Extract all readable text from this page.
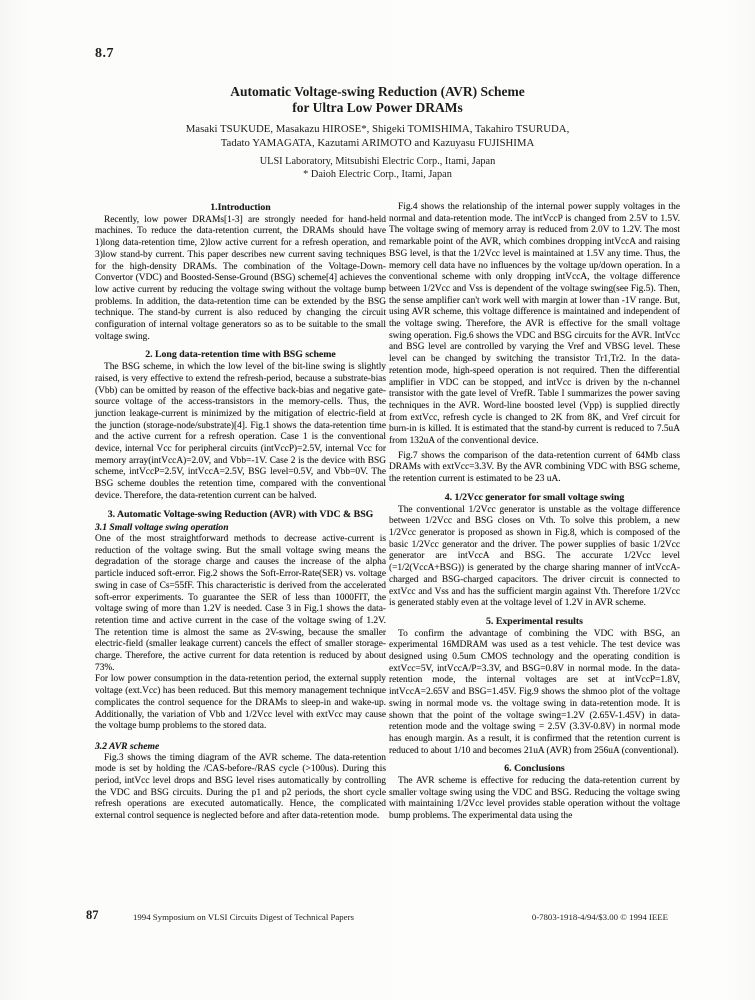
8.7
Automatic Voltage-swing Reduction (AVR) Scheme
for Ultra Low Power DRAMs
Masaki TSUKUDE, Masakazu HIROSE*, Shigeki TOMISHIMA, Takahiro TSURUDA,
Tadato YAMAGATA, Kazutami ARIMOTO and Kazuyasu FUJISHIMA
ULSI Laboratory, Mitsubishi Electric Corp., Itami, Japan
* Daioh Electric Corp., Itami, Japan
1.Introduction

Recently, low power DRAMs[1-3] are strongly needed for hand-held machines. To reduce the data-retention current, the DRAMs should have 1)long data-retention time, 2)low active current for a refresh operation, and 3)low stand-by current. This paper describes new current saving techniques for the high-density DRAMs. The combination of the Voltage-Down-Convertor (VDC) and Boosted-Sense-Ground (BSG) scheme[4] achieves the low active current by reducing the voltage swing without the voltage bump problems. In addition, the data-retention time can be extended by the BSG technique. The stand-by current is also reduced by changing the circuit configuration of internal voltage generators so as to be suitable to the small voltage swing.

2. Long data-retention time with BSG scheme

The BSG scheme, in which the low level of the bit-line swing is slightly raised, is very effective to extend the refresh-period, because a substrate-bias (Vbb) can be omitted by reason of the effective back-bias and negative gate-source voltage of the access-transistors in the memory-cells. Thus, the junction leakage-current is minimized by the mitigation of electric-field at the junction (storage-node/substrate)[4]. Fig.1 shows the data-retention time and the active current for a refresh operation. Case 1 is the conventional device, internal Vcc for peripheral circuits (intVccP)=2.5V, internal Vcc for memory array(intVccA)=2.0V, and Vbb=-1V. Case 2 is the device with BSG scheme, intVccP=2.5V, intVccA=2.5V, BSG level=0.5V, and Vbb=0V. The BSG scheme doubles the retention time, compared with the conventional device. Therefore, the data-retention current can be halved.

3. Automatic Voltage-swing Reduction (AVR) with VDC & BSG
3.1 Small voltage swing operation

One of the most straightforward methods to decrease active-current is reduction of the voltage swing. But the small voltage swing means the degradation of the storage charge and causes the increase of the alpha particle induced soft-error. Fig.2 shows the Soft-Error-Rate(SER) vs. voltage swing in case of Cs=55fF. This characteristic is derived from the accelerated soft-error experiments. To guarantee the SER of less than 1000FIT, the voltage swing of more than 1.2V is needed. Case 3 in Fig.1 shows the data-retention time and active current in the case of the voltage swing of 1.2V. The retention time is almost the same as 2V-swing, because the smaller electric-field (smaller leakage current) cancels the effect of smaller storage-charge. Therefore, the active current for data retention is reduced by about 73%.

For low power consumption in the data-retention period, the external supply voltage (ext.Vcc) has been reduced. But this memory management technique complicates the control sequence for the DRAMs to sleep-in and wake-up. Additionally, the variation of Vbb and 1/2Vcc level with extVcc may cause the voltage bump problems to the stored data.

3.2 AVR scheme

Fig.3 shows the timing diagram of the AVR scheme. The data-retention mode is set by holding the /CAS-before-/RAS cycle (>100us). During this period, intVcc level drops and BSG level rises automatically by controlling the VDC and BSG circuits. During the p1 and p2 periods, the short cycle refresh operations are executed automatically. Hence, the complicated external control sequence is neglected before and after data-retention mode.

Fig.4 shows the relationship of the internal power supply voltages in the normal and data-retention mode. The intVccP is changed from 2.5V to 1.5V. The voltage swing of memory array is reduced from 2.0V to 1.2V. The most remarkable point of the AVR, which combines dropping intVccA and raising BSG level, is that the 1/2Vcc level is maintained at 1.5V any time. Thus, the memory cell data have no influences by the voltage up/down operation. In a conventional scheme with only dropping intVccA, the voltage difference between 1/2Vcc and Vss is dependent of the voltage swing(see Fig.5). Then, the sense amplifier can't work well with margin at lower than -1V range. But, using AVR scheme, this voltage difference is maintained and independent of the voltage swing. Therefore, the AVR is effective for the small voltage swing operation. Fig.6 shows the VDC and BSG circuits for the AVR. IntVcc and BSG level are controlled by varying the Vref and VBSG level. These level can be changed by switching the transistor Tr1,Tr2. In the data-retention mode, high-speed operation is not required. Then the differential amplifier in VDC can be stopped, and intVcc is driven by the n-channel transistor with the gate level of VrefR. Table I summarizes the power saving techniques in the AVR. Word-line boosted level (Vpp) is supplied directly from extVcc, refresh cycle is changed to 2K from 8K, and Vref circuit for burn-in is killed. It is estimated that the stand-by current is reduced to 7.5uA from 132uA of the conventional device.

Fig.7 shows the comparison of the data-retention current of 64Mb class DRAMs with extVcc=3.3V. By the AVR combining VDC with BSG scheme, the retention current is estimated to be 23 uA.

4. 1/2Vcc generator for small voltage swing

The conventional 1/2Vcc generator is unstable as the voltage difference between 1/2Vcc and BSG closes on Vth. To solve this problem, a new 1/2Vcc generator is proposed as shown in Fig.8, which is composed of the basic 1/2Vcc generator and the driver. The power supplies of basic 1/2Vcc generator are intVccA and BSG. The accurate 1/2Vcc level (=1/2(VccA+BSG)) is generated by the charge sharing manner of intVccA-charged and BSG-charged capacitors. The driver circuit is connected to extVcc and Vss and has the sufficient margin against Vth. Therefore 1/2Vcc is generated stably even at the voltage level of 1.2V in AVR scheme.

5. Experimental results

To confirm the advantage of combining the VDC with BSG, an experimental 16MDRAM was used as a test vehicle. The test device was designed using 0.5um CMOS technology and the operating condition is extVcc=5V, intVccA/P=3.3V, and BSG=0.8V in normal mode. In the data-retention mode, the internal voltages are set at intVccP=1.8V, intVccA=2.65V and BSG=1.45V. Fig.9 shows the shmoo plot of the voltage swing in normal mode vs. the voltage swing in data-retention mode. It is shown that the point of the voltage swing=1.2V (2.65V-1.45V) in data-retention mode and the voltage swing = 2.5V (3.3V-0.8V) in normal mode has enough margin. As a result, it is confirmed that the retention current is reduced to about 1/10 and becomes 21uA (AVR) from 256uA (conventional).

6. Conclusions

The AVR scheme is effective for reducing the data-retention current by smaller voltage swing using the VDC and BSG. Reducing the voltage swing with maintaining 1/2Vcc level provides stable operation without the voltage bump problems. The experimental data using the

87	1994 Symposium on VLSI Circuits Digest of Technical Papers	0-7803-1918-4/94/$3.00 © 1994 IEEE
